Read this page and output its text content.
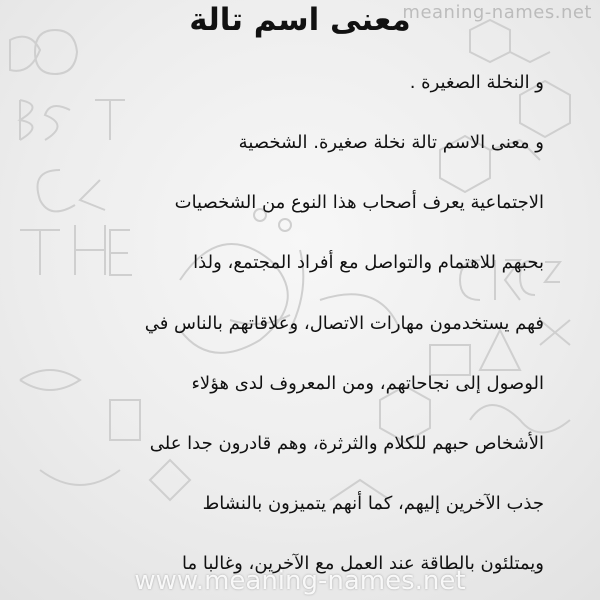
meaning-names.net
معنى اسم تالة
و النخلة الصغيرة .
و معنى الاسم تالة نخلة صغيرة. الشخصية
الاجتماعية يعرف أصحاب هذا النوع من الشخصيات
بحبهم للاهتمام والتواصل مع أفراد المجتمع، ولذا
فهم يستخدمون مهارات الاتصال، وعلاقاتهم بالناس في
الوصول إلى نجاحاتهم، ومن المعروف لدى هؤلاء
الأشخاص حبهم للكلام والثرثرة، وهم قادرون جدا على
جذب الآخرين إليهم، كما أنهم يتميزون بالنشاط
ويمتلئون بالطاقة عند العمل مع الآخرين، وغالبا ما
www.meaning-names.net
